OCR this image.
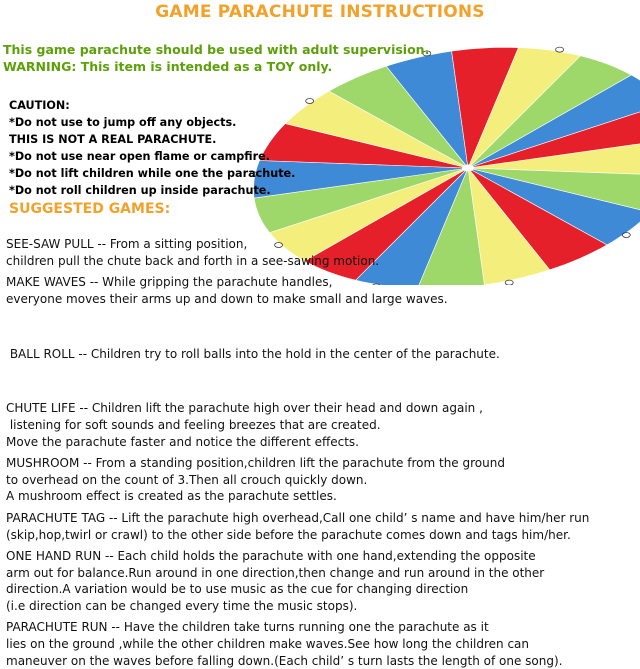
GAME PARACHUTE INSTRUCTIONS
This game parachute should be used with adult supervision.
WARNING: This item is intended as a TOY only.
CAUTION:
*Do not use to jump off any objects.
THIS IS NOT A REAL PARACHUTE.
*Do not use near open flame or campfire.
*Do not lift children while one the parachute.
*Do not roll children up inside parachute.
SUGGESTED GAMES:
SEE-SAW PULL -- From a sitting position,
children pull the chute back and forth in a see-sawing motion.
MAKE WAVES -- While gripping the parachute handles,
everyone moves their arms up and down to make small and large waves.

BALL ROLL -- Children try to roll balls into the hold in the center of the parachute.

CHUTE LIFE -- Children lift the parachute high over their head and down again ,
listening for soft sounds and feeling breezes that are created.
Move the parachute faster and notice the different effects.
MUSHROOM -- From a standing position,children lift the parachute from the ground
to overhead on the count of 3.Then all crouch quickly down.
A mushroom effect is created as the parachute settles.
PARACHUTE TAG -- Lift the parachute high overhead,Call one child’ s name and have him/her run
(skip,hop,twirl or crawl) to the other side before the parachute comes down and tags him/her.
ONE HAND RUN -- Each child holds the parachute with one hand,extending the opposite
arm out for balance.Run around in one direction,then change and run around in the other
direction.A variation would be to use music as the cue for changing direction
(i.e direction can be changed every time the music stops).
PARACHUTE RUN -- Have the children take turns running one the parachute as it
lies on the ground ,while the other children make waves.See how long the children can
maneuver on the waves before falling down.(Each child’ s turn lasts the length of one song).
